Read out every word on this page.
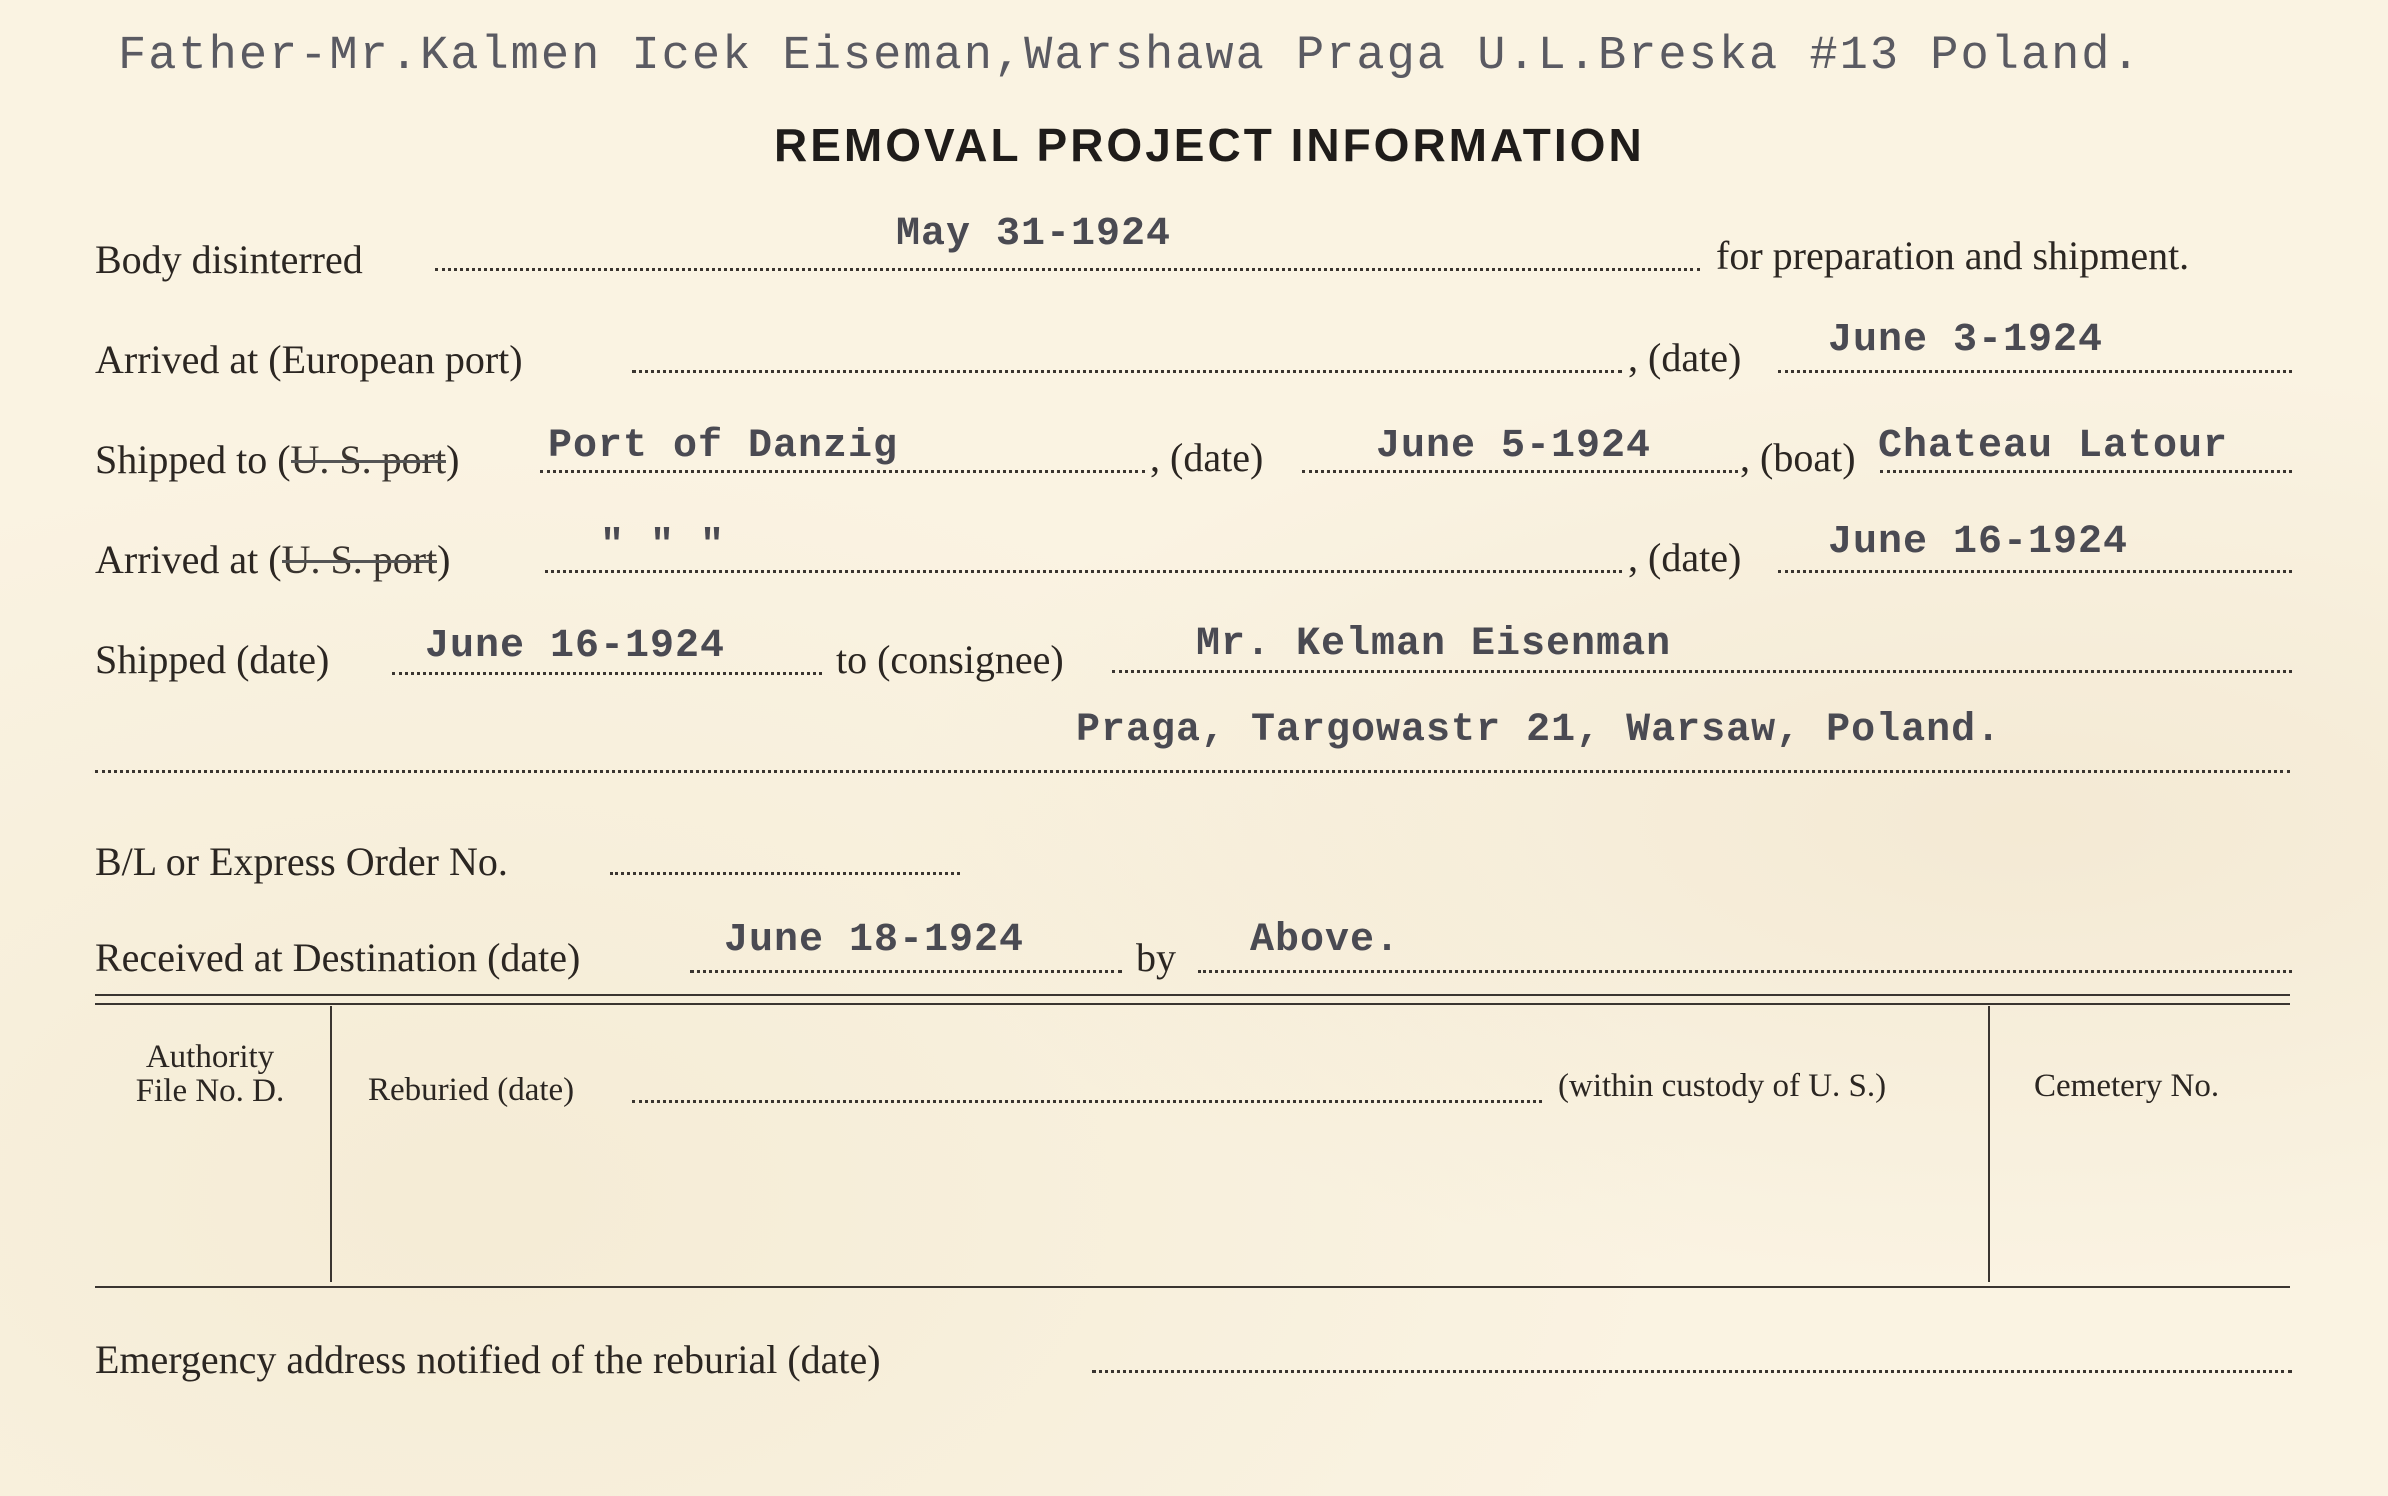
Father-Mr.Kalmen Icek Eiseman,Warshawa Praga U.L.Breska #13 Poland.
REMOVAL PROJECT INFORMATION
Body disinterred
May 31-1924	for preparation and shipment.
Arrived at (European port)	, (date) June 3-1924
Shipped to (U. S. port) Port of Danzig	, (date)	June 5-1924 , (boat) Chateau Latour
Arrived at (U. S. port)	" " "	, (date) June 16-1924
Shipped (date) June 16-1924	to (consignee)	Mr. Kelman Eisenman
Praga, Targowastr 21, Warsaw, Poland.
B/L or Express Order No.
Received at Destination (date)	June 18-1924	by Above.
Authority
File No. D.	Reburied (date)	(within custody of U. S.)	Cemetery No.
Emergency address notified of the reburial (date)
